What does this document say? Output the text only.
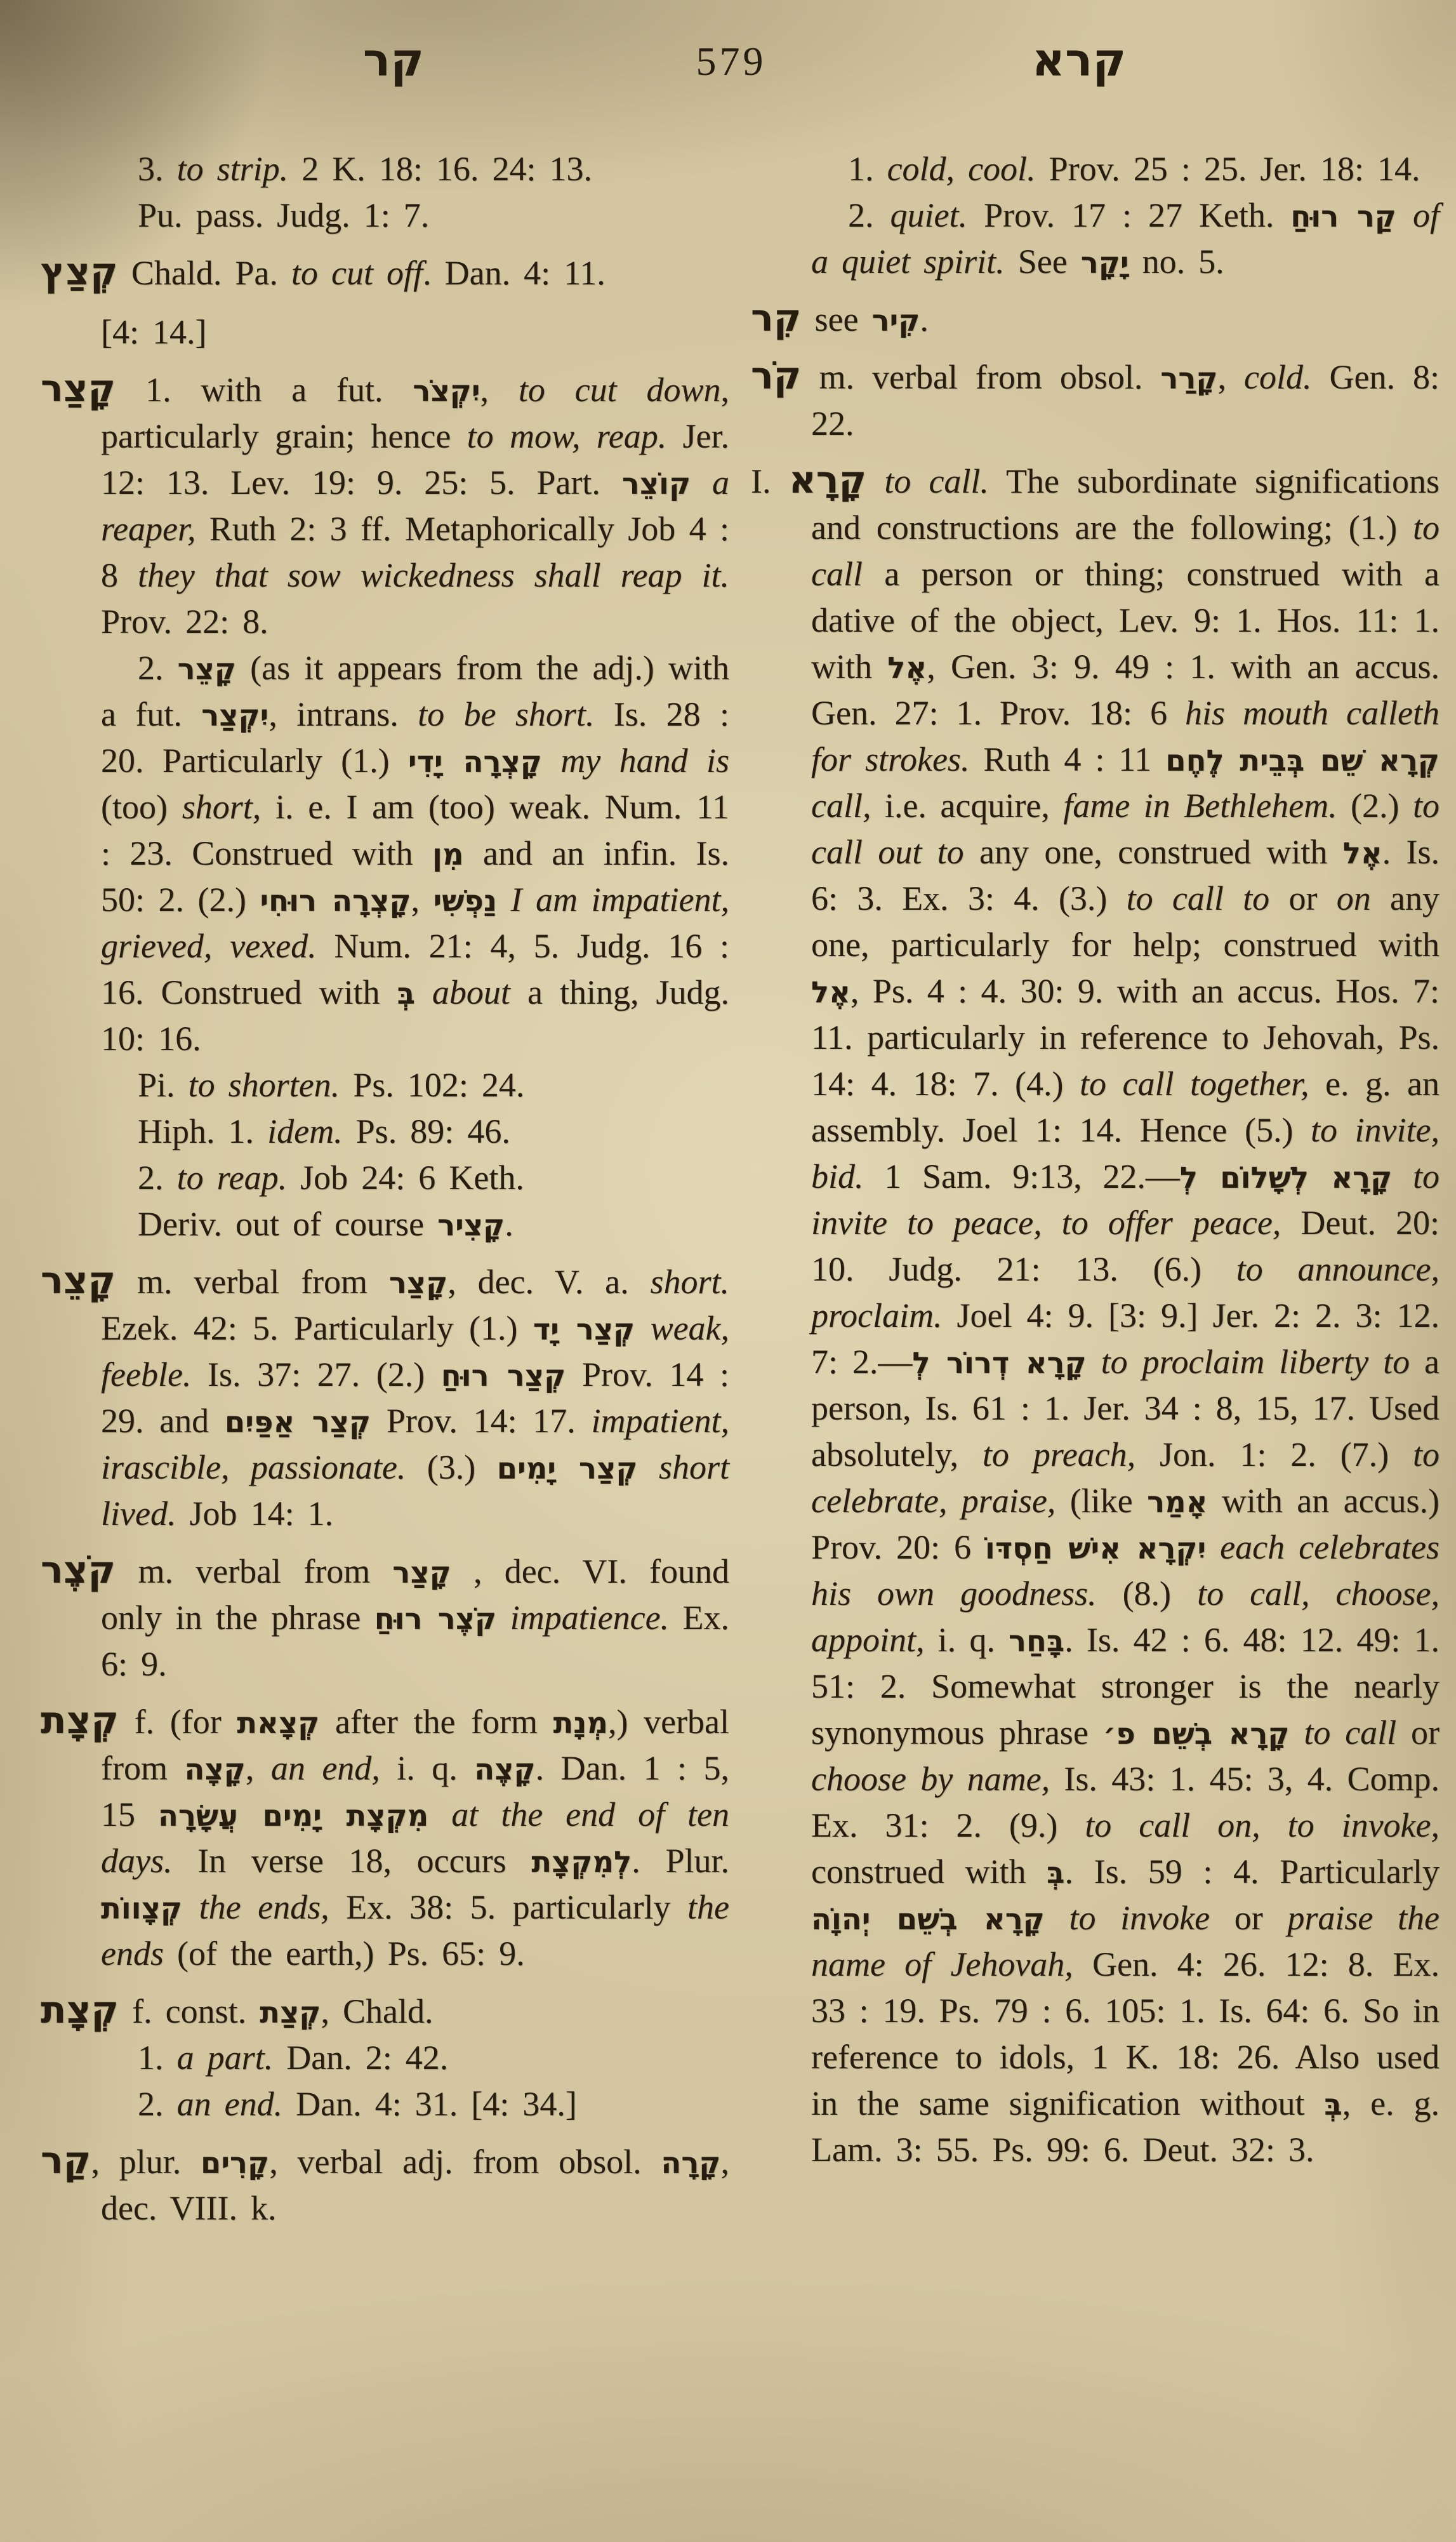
קר	579	קרא

3. to strip. 2 K. 18: 16. 24: 13.

Pu. pass. Judg. 1: 7.

קְצַץ Chald. Pa. to cut off. Dan. 4: 11.

[4: 14.]

קָצַר 1. with a fut. יִקְצֹר, to cut down, particularly grain; hence to mow, reap. Jer. 12: 13. Lev. 19: 9. 25: 5. Part. קוֹצֵר a reaper, Ruth 2: 3 ff. Metaphorically Job 4 : 8 they that sow wickedness shall reap it. Prov. 22: 8.

2. קָצֵר (as it appears from the adj.) with a fut. יִקְצַר, intrans. to be short. Is. 28 : 20. Particularly (1.) קָצְרָה יָדִי my hand is (too) short, i. e. I am (too) weak. Num. 11 : 23. Construed with מִן and an infin. Is. 50: 2. (2.) קָצְרָה רוּחִי, נַפְשִׁי I am impatient, grieved, vexed. Num. 21: 4, 5. Judg. 16 : 16. Construed with בְּ about a thing, Judg. 10: 16.

Pi. to shorten. Ps. 102: 24.

Hiph. 1. idem. Ps. 89: 46.

2. to reap. Job 24: 6 Keth.

Deriv. out of course קָצִיר.

קָצֵר m. verbal from קָצַר, dec. V. a. short. Ezek. 42: 5. Particularly (1.) קְצַר יָד weak, feeble. Is. 37: 27. (2.) קְצַר רוּחַ Prov. 14 : 29. and קְצַר אַפַּיִם Prov. 14: 17. impatient, irascible, passionate. (3.) קְצַר יָמִים short lived. Job 14: 1.

קֹצֶר m. verbal from קָצַר , dec. VI. found only in the phrase קֹצֶר רוּחַ impatience. Ex. 6: 9.

קְצָת f. (for קְצָאת after the form מְנָת,) verbal from קָצָה, an end, i. q. קָצֶה. Dan. 1 : 5, 15 מִקְצָת יָמִים עֲשָׂרָה at the end of ten days. In verse 18, occurs לְמִקְצָת. Plur. קְצָווֹת the ends, Ex. 38: 5. particularly the ends (of the earth,) Ps. 65: 9.

קְצָת f. const. קְצַת, Chald.

1. a part. Dan. 2: 42.

2. an end. Dan. 4: 31. [4: 34.]

קַר, plur. קָרִים, verbal adj. from obsol. קָרָה, dec. VIII. k.

1. cold, cool. Prov. 25 : 25. Jer. 18: 14.

2. quiet. Prov. 17 : 27 Keth. קַר רוּחַ of a quiet spirit. See יָקָר no. 5.

קִר see קִיר.

קֹר m. verbal from obsol. קָרַר, cold. Gen. 8: 22.

I. קָרָא to call. The subordinate significations and constructions are the following; (1.) to call a person or thing; construed with a dative of the object, Lev. 9: 1. Hos. 11: 1. with אֶל, Gen. 3: 9. 49 : 1. with an accus. Gen. 27: 1. Prov. 18: 6 his mouth calleth for strokes. Ruth 4 : 11 קְרָא שֵׁם בְּבֵית לֶחֶם call, i.e. acquire, fame in Bethlehem. (2.) to call out to any one, construed with אֶל. Is. 6: 3. Ex. 3: 4. (3.) to call to or on any one, particularly for help; construed with אֶל, Ps. 4 : 4. 30: 9. with an accus. Hos. 7: 11. particularly in reference to Jehovah, Ps. 14: 4. 18: 7. (4.) to call together, e. g. an assembly. Joel 1: 14. Hence (5.) to invite, bid. 1 Sam. 9:13, 22.—קָרָא לְשָׁלוֹם לְ to invite to peace, to offer peace, Deut. 20: 10. Judg. 21: 13. (6.) to announce, proclaim. Joel 4: 9. [3: 9.] Jer. 2: 2. 3: 12. 7: 2.—קָרָא דְרוֹר לְ to proclaim liberty to a person, Is. 61 : 1. Jer. 34 : 8, 15, 17. Used absolutely, to preach, Jon. 1: 2. (7.) to celebrate, praise, (like אָמַר with an accus.) Prov. 20: 6 יִקְרָא אִישׁ חַסְדּוֹ each celebrates his own goodness. (8.) to call, choose, appoint, i. q. בָּחַר. Is. 42 : 6. 48: 12. 49: 1. 51: 2. Somewhat stronger is the nearly synonymous phrase קָרָא בְשֵׁם פ׳ to call or choose by name, Is. 43: 1. 45: 3, 4. Comp. Ex. 31: 2. (9.) to call on, to invoke, construed with בְּ. Is. 59 : 4. Particularly קָרָא בְשֵׁם יְהוָֹה to invoke or praise the name of Jehovah, Gen. 4: 26. 12: 8. Ex. 33 : 19. Ps. 79 : 6. 105: 1. Is. 64: 6. So in reference to idols, 1 K. 18: 26. Also used in the same signification without בְּ, e. g. Lam. 3: 55. Ps. 99: 6. Deut. 32: 3.
